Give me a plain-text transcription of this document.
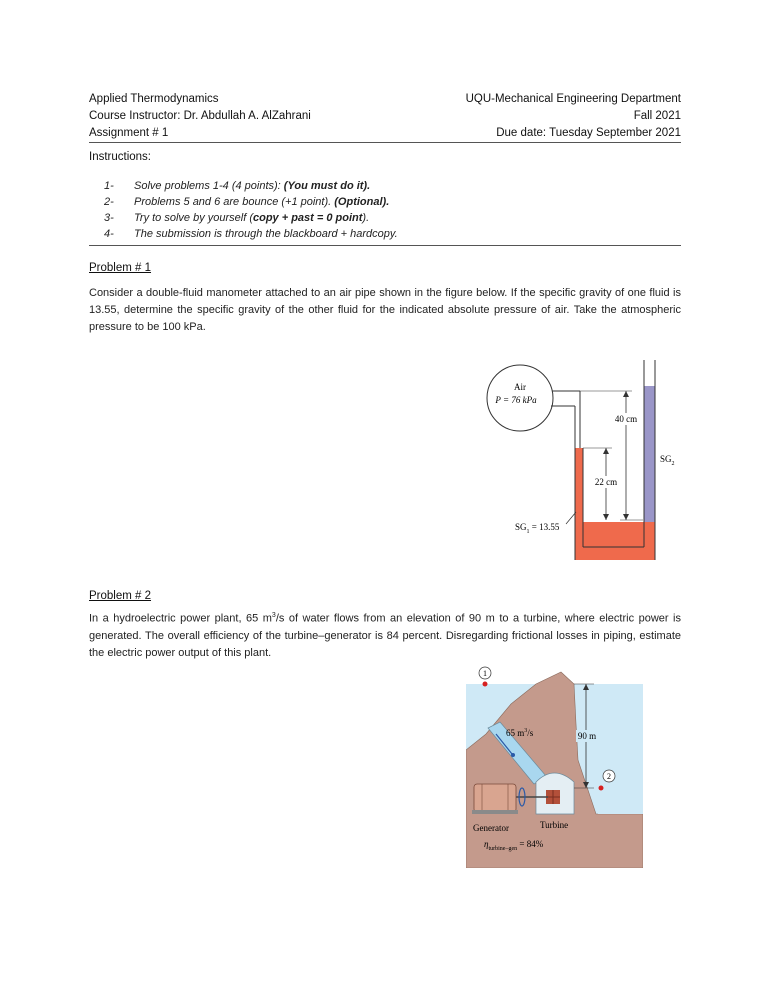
Applied Thermodynamics	UQU-Mechanical Engineering Department
Course Instructor: Dr. Abdullah A. AlZahrani	Fall 2021
Assignment # 1	Due date: Tuesday September 2021
Instructions:
1-	Solve problems 1-4 (4 points): (You must do it).
2-	Problems 5 and 6 are bounce (+1 point). (Optional).
3-	Try to solve by yourself (copy + past = 0 point).
4-	The submission is through the blackboard + hardcopy.
Problem # 1
Consider a double-fluid manometer attached to an air pipe shown in the figure below. If the specific gravity of one fluid is 13.55, determine the specific gravity of the other fluid for the indicated absolute pressure of air. Take the atmospheric pressure to be 100 kPa.
Air
P = 76 kPa
40 cm
22 cm
$SG_2$
$SG_1 = 13.55$
Problem # 2
In a hydroelectric power plant, 65 $m^3/s$ of water flows from an elevation of 90 m to a turbine, where electric power is generated. The overall efficiency of the turbine–generator is 84 percent. Disregarding frictional losses in piping, estimate the electric power output of this plant.
1
2
90 m
65 $m^3/s$
Generator	Turbine
$\eta_{turbine-gen} = 84\%$
